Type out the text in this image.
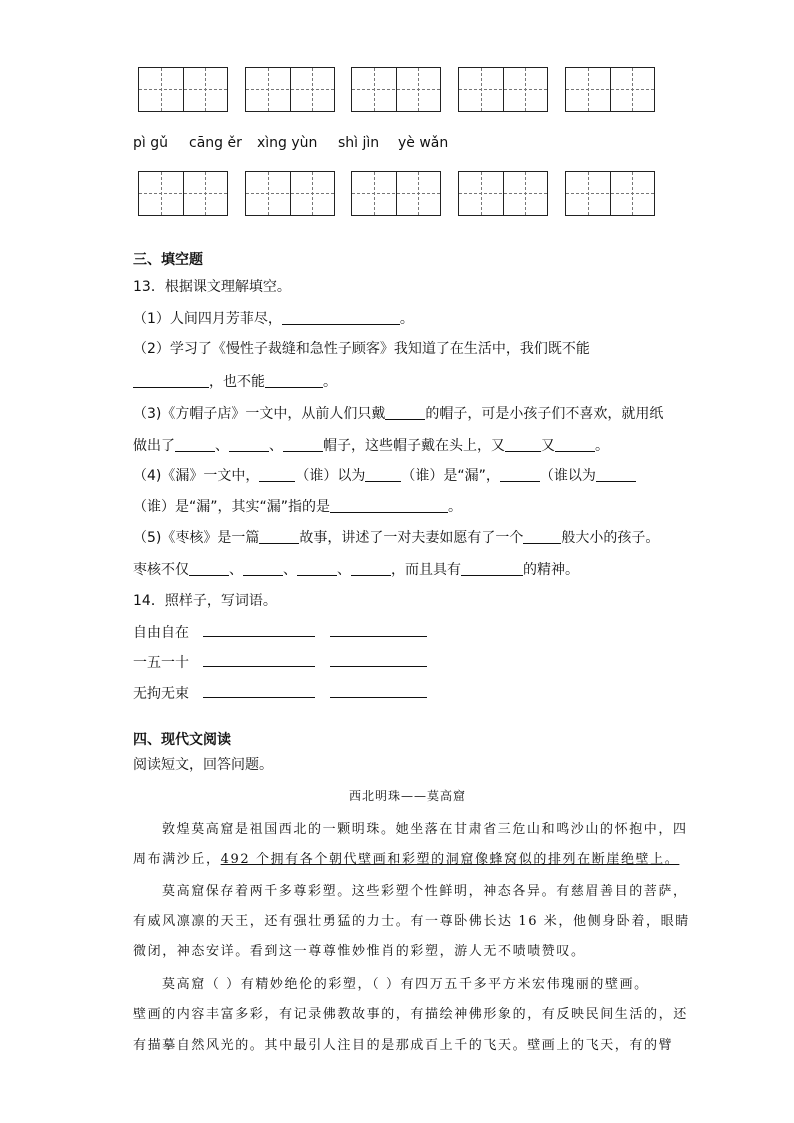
pì gǔ cāng ěr xìng yùn shì jìn yè wǎn
三、填空题
13．根据课文理解填空。
（1）人间四月芳菲尽，	。
（2）学习了《慢性子裁缝和急性子顾客》我知道了在生活中，我们既不能
，也不能	。
（3)《方帽子店》一文中，从前人们只戴	的帽子，可是小孩子们不喜欢，就用纸
做出了	、	、	帽子，这些帽子戴在头上，又	又	。
（4)《漏》一文中，	（谁）以为	（谁）是“漏”，	（谁以为
（谁）是“漏”，其实“漏”指的是	。
（5)《枣核》是一篇	故事，讲述了一对夫妻如愿有了一个	般大小的孩子。
枣核不仅	、	、	、	，而且具有	的精神。
14．照样子，写词语。
自由自在
一五一十
无拘无束
四、现代文阅读
阅读短文，回答问题。
西北明珠——莫高窟
敦煌莫高窟是祖国西北的一颗明珠。她坐落在甘肃省三危山和鸣沙山的怀抱中，四
周布满沙丘，492 个拥有各个朝代壁画和彩塑的洞窟像蜂窝似的排列在断崖绝壁上。
莫高窟保存着两千多尊彩塑。这些彩塑个性鲜明，神态各异。有慈眉善目的菩萨，
有威风凛凛的天王，还有强壮勇猛的力士。有一尊卧佛长达 16 米，他侧身卧着，眼睛
微闭，神态安详。看到这一尊尊惟妙惟肖的彩塑，游人无不啧啧赞叹。
莫高窟（ ）有精妙绝伦的彩塑，（ ）有四万五千多平方米宏伟瑰丽的壁画。
壁画的内容丰富多彩，有记录佛教故事的，有描绘神佛形象的，有反映民间生活的，还
有描摹自然风光的。其中最引人注目的是那成百上千的飞天。壁画上的飞天，有的臂
